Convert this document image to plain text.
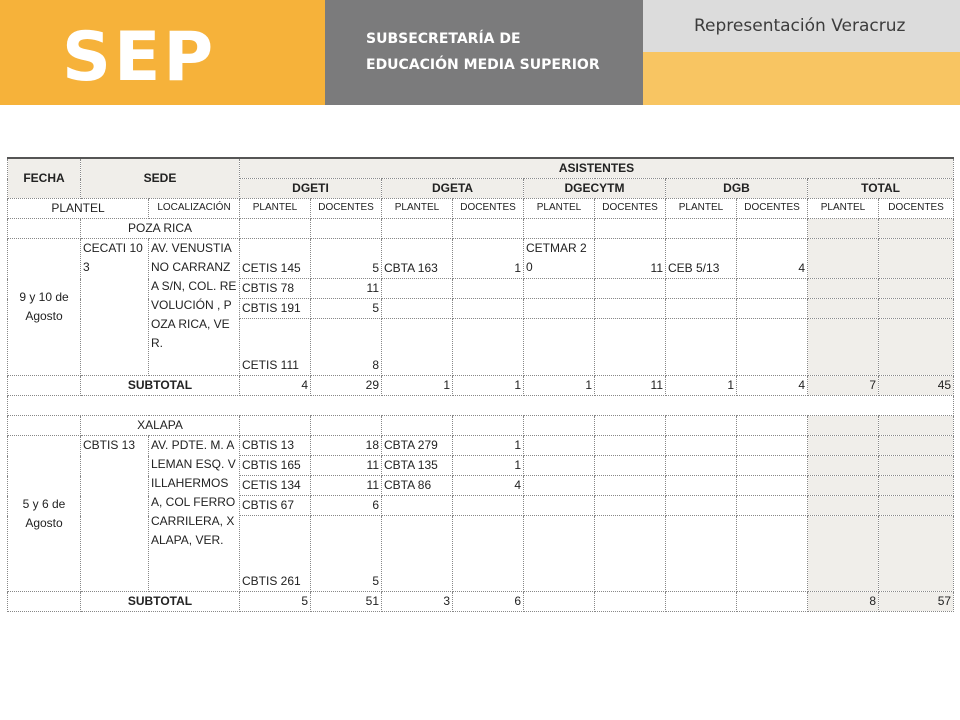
SEP	SUBSECRETARÍA DE
EDUCACIÓN MEDIA SUPERIOR
Representación Veracruz
FECHA	SEDE		ASISTENTES									
			DGETI		DGETA		DGECYTM		DGB		TOTAL	
PLANTEL		LOCALIZACIÓN	PLANTEL	DOCENTES	PLANTEL	DOCENTES	PLANTEL	DOCENTES	PLANTEL	DOCENTES	PLANTEL	DOCENTES
	POZA RICA											
9 y 10 de Agosto	CECATI 103	AV. VENUSTIANO CARRANZA S/N, COL. REVOLUCIÓN , POZA RICA, VER.	CETIS 145	5	CBTA 163	1	CETMAR 20	11	CEB 5/13	4		
			CBTIS 78	11								
			CBTIS 191	5								
			CETIS 111	8								
	SUBTOTAL		4	29	1	1	1	11	1	4	7	45

	XALAPA											
5 y 6 de Agosto	CBTIS 13	AV. PDTE. M. ALEMAN ESQ. VILLAHERMOSA, COL FERROCARRILERA, XALAPA, VER.	CBTIS 13	18	CBTA 279	1						
			CBTIS 165	11	CBTA 135	1						
			CETIS 134	11	CBTA 86	4						
			CBTIS 67	6								
			CBTIS 261	5								
	SUBTOTAL		5	51	3	6					8	57
